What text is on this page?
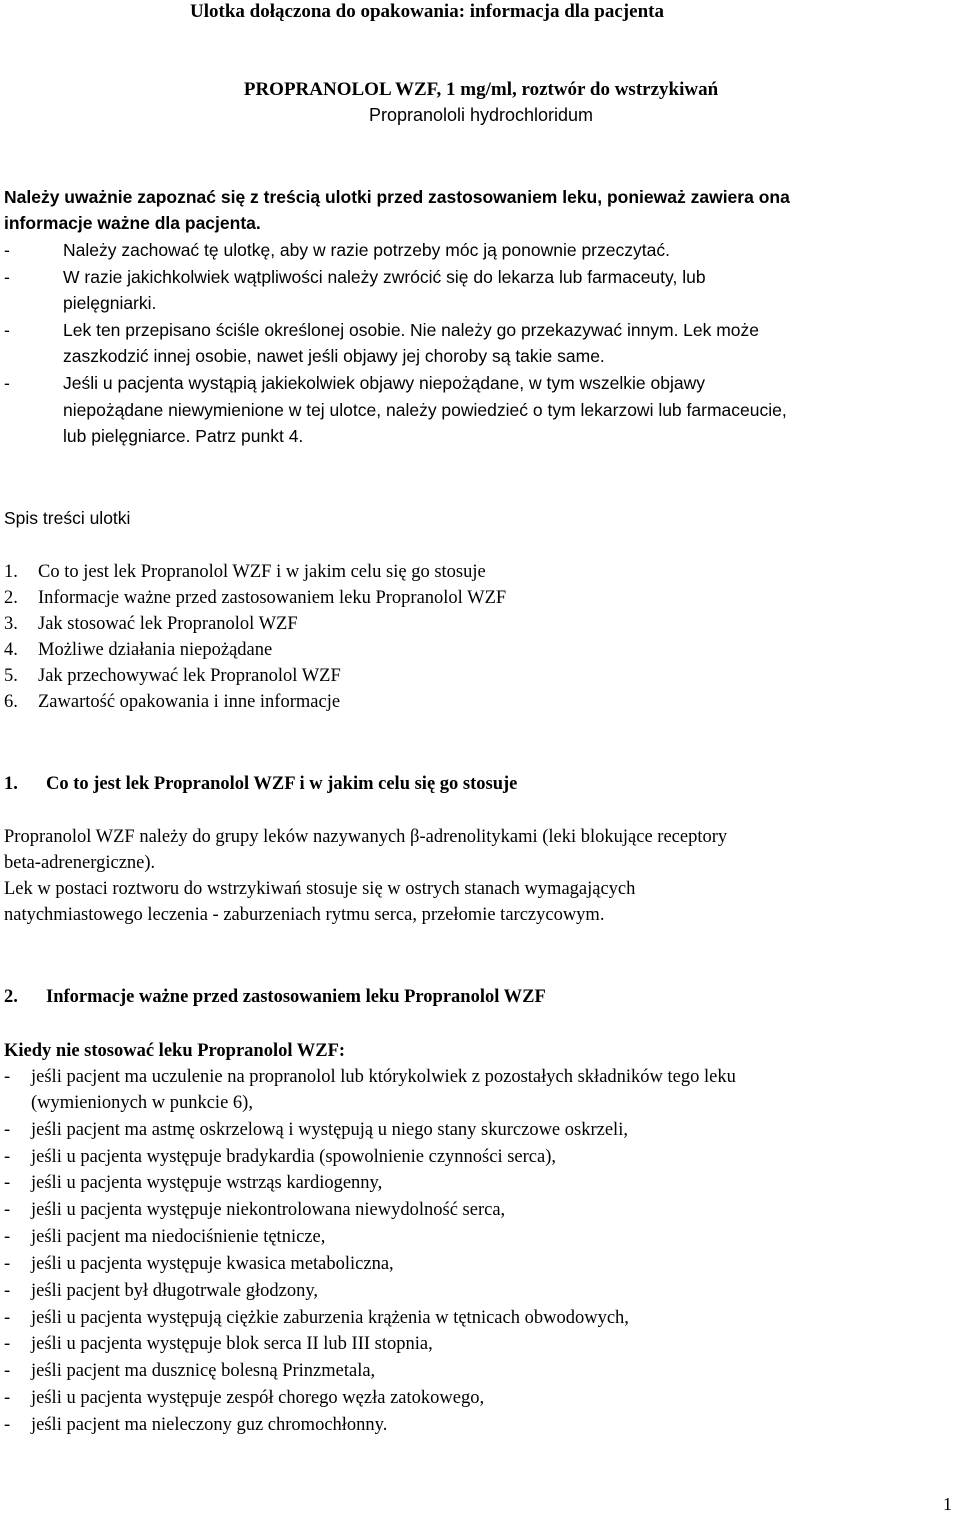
Ulotka dołączona do opakowania: informacja dla pacjenta
PROPRANOLOL WZF, 1 mg/ml, roztwór do wstrzykiwań
Propranololi hydrochloridum
Należy uważnie zapoznać się z treścią ulotki przed zastosowaniem leku, ponieważ zawiera ona
informacje ważne dla pacjenta.
-	Należy zachować tę ulotkę, aby w razie potrzeby móc ją ponownie przeczytać.
-	W razie jakichkolwiek wątpliwości należy zwrócić się do lekarza lub farmaceuty, lub
pielęgniarki.
-	Lek ten przepisano ściśle określonej osobie. Nie należy go przekazywać innym. Lek może
zaszkodzić innej osobie, nawet jeśli objawy jej choroby są takie same.
-	Jeśli u pacjenta wystąpią jakiekolwiek objawy niepożądane, w tym wszelkie objawy
niepożądane niewymienione w tej ulotce, należy powiedzieć o tym lekarzowi lub farmaceucie,
lub pielęgniarce. Patrz punkt 4.
Spis treści ulotki
1. Co to jest lek Propranolol WZF i w jakim celu się go stosuje
2. Informacje ważne przed zastosowaniem leku Propranolol WZF
3. Jak stosować lek Propranolol WZF
4. Możliwe działania niepożądane
5. Jak przechowywać lek Propranolol WZF
6. Zawartość opakowania i inne informacje
1. Co to jest lek Propranolol WZF i w jakim celu się go stosuje
Propranolol WZF należy do grupy leków nazywanych β-adrenolitykami (leki blokujące receptory
beta-adrenergiczne).
Lek w postaci roztworu do wstrzykiwań stosuje się w ostrych stanach wymagających
natychmiastowego leczenia - zaburzeniach rytmu serca, przełomie tarczycowym.
2. Informacje ważne przed zastosowaniem leku Propranolol WZF
Kiedy nie stosować leku Propranolol WZF:
- jeśli pacjent ma uczulenie na propranolol lub którykolwiek z pozostałych składników tego leku
(wymienionych w punkcie 6),
- jeśli pacjent ma astmę oskrzelową i występują u niego stany skurczowe oskrzeli,
- jeśli u pacjenta występuje bradykardia (spowolnienie czynności serca),
- jeśli u pacjenta występuje wstrząs kardiogenny,
- jeśli u pacjenta występuje niekontrolowana niewydolność serca,
- jeśli pacjent ma niedociśnienie tętnicze,
- jeśli u pacjenta występuje kwasica metaboliczna,
- jeśli pacjent był długotrwale głodzony,
- jeśli u pacjenta występują ciężkie zaburzenia krążenia w tętnicach obwodowych,
- jeśli u pacjenta występuje blok serca II lub III stopnia,
- jeśli pacjent ma dusznicę bolesną Prinzmetala,
- jeśli u pacjenta występuje zespół chorego węzła zatokowego,
- jeśli pacjent ma nieleczony guz chromochłonny.
1
